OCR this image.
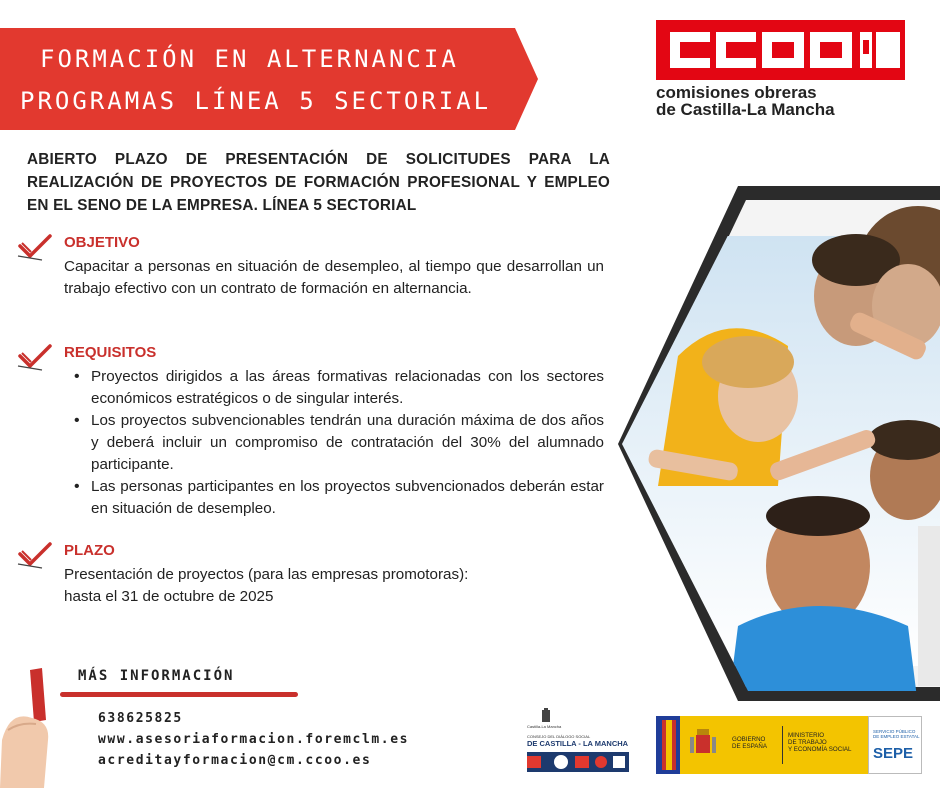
FORMACIÓN EN ALTERNANCIA
PROGRAMAS LÍNEA 5 SECTORIAL	comisiones obreras
de Castilla-La Mancha
ABIERTO PLAZO DE PRESENTACIÓN DE SOLICITUDES PARA LA REALIZACIÓN DE PROYECTOS DE FORMACIÓN PROFESIONAL Y EMPLEO EN EL SENO DE LA EMPRESA. LÍNEA 5 SECTORIAL
OBJETIVO
Capacitar a personas en situación de desempleo, al tiempo que desarrollan un trabajo efectivo con un contrato de formación en alternancia.
REQUISITOS
• Proyectos dirigidos a las áreas formativas relacionadas con los sectores económicos estratégicos o de singular interés.
• Los proyectos subvencionables tendrán una duración máxima de dos años y deberá incluir un compromiso de contratación del 30% del alumnado participante.
• Las personas participantes en los proyectos subvencionados deberán estar en situación de desempleo.
PLAZO
Presentación de proyectos (para las empresas promotoras):
hasta el 31 de octubre de 2025
MÁS INFORMACIÓN
638625825
www.asesoriaformacion.foremclm.es
acreditayformacion@cm.ccoo.es
Castilla-La Mancha
CONSEJO DEL DIÁLOGO SOCIAL
DE CASTILLA - LA MANCHA	GOBIERNO
DE ESPAÑA
MINISTERIO
DE TRABAJO
Y ECONOMÍA SOCIAL
SERVICIO PÚBLICO
DE EMPLEO ESTATAL
SEPE
